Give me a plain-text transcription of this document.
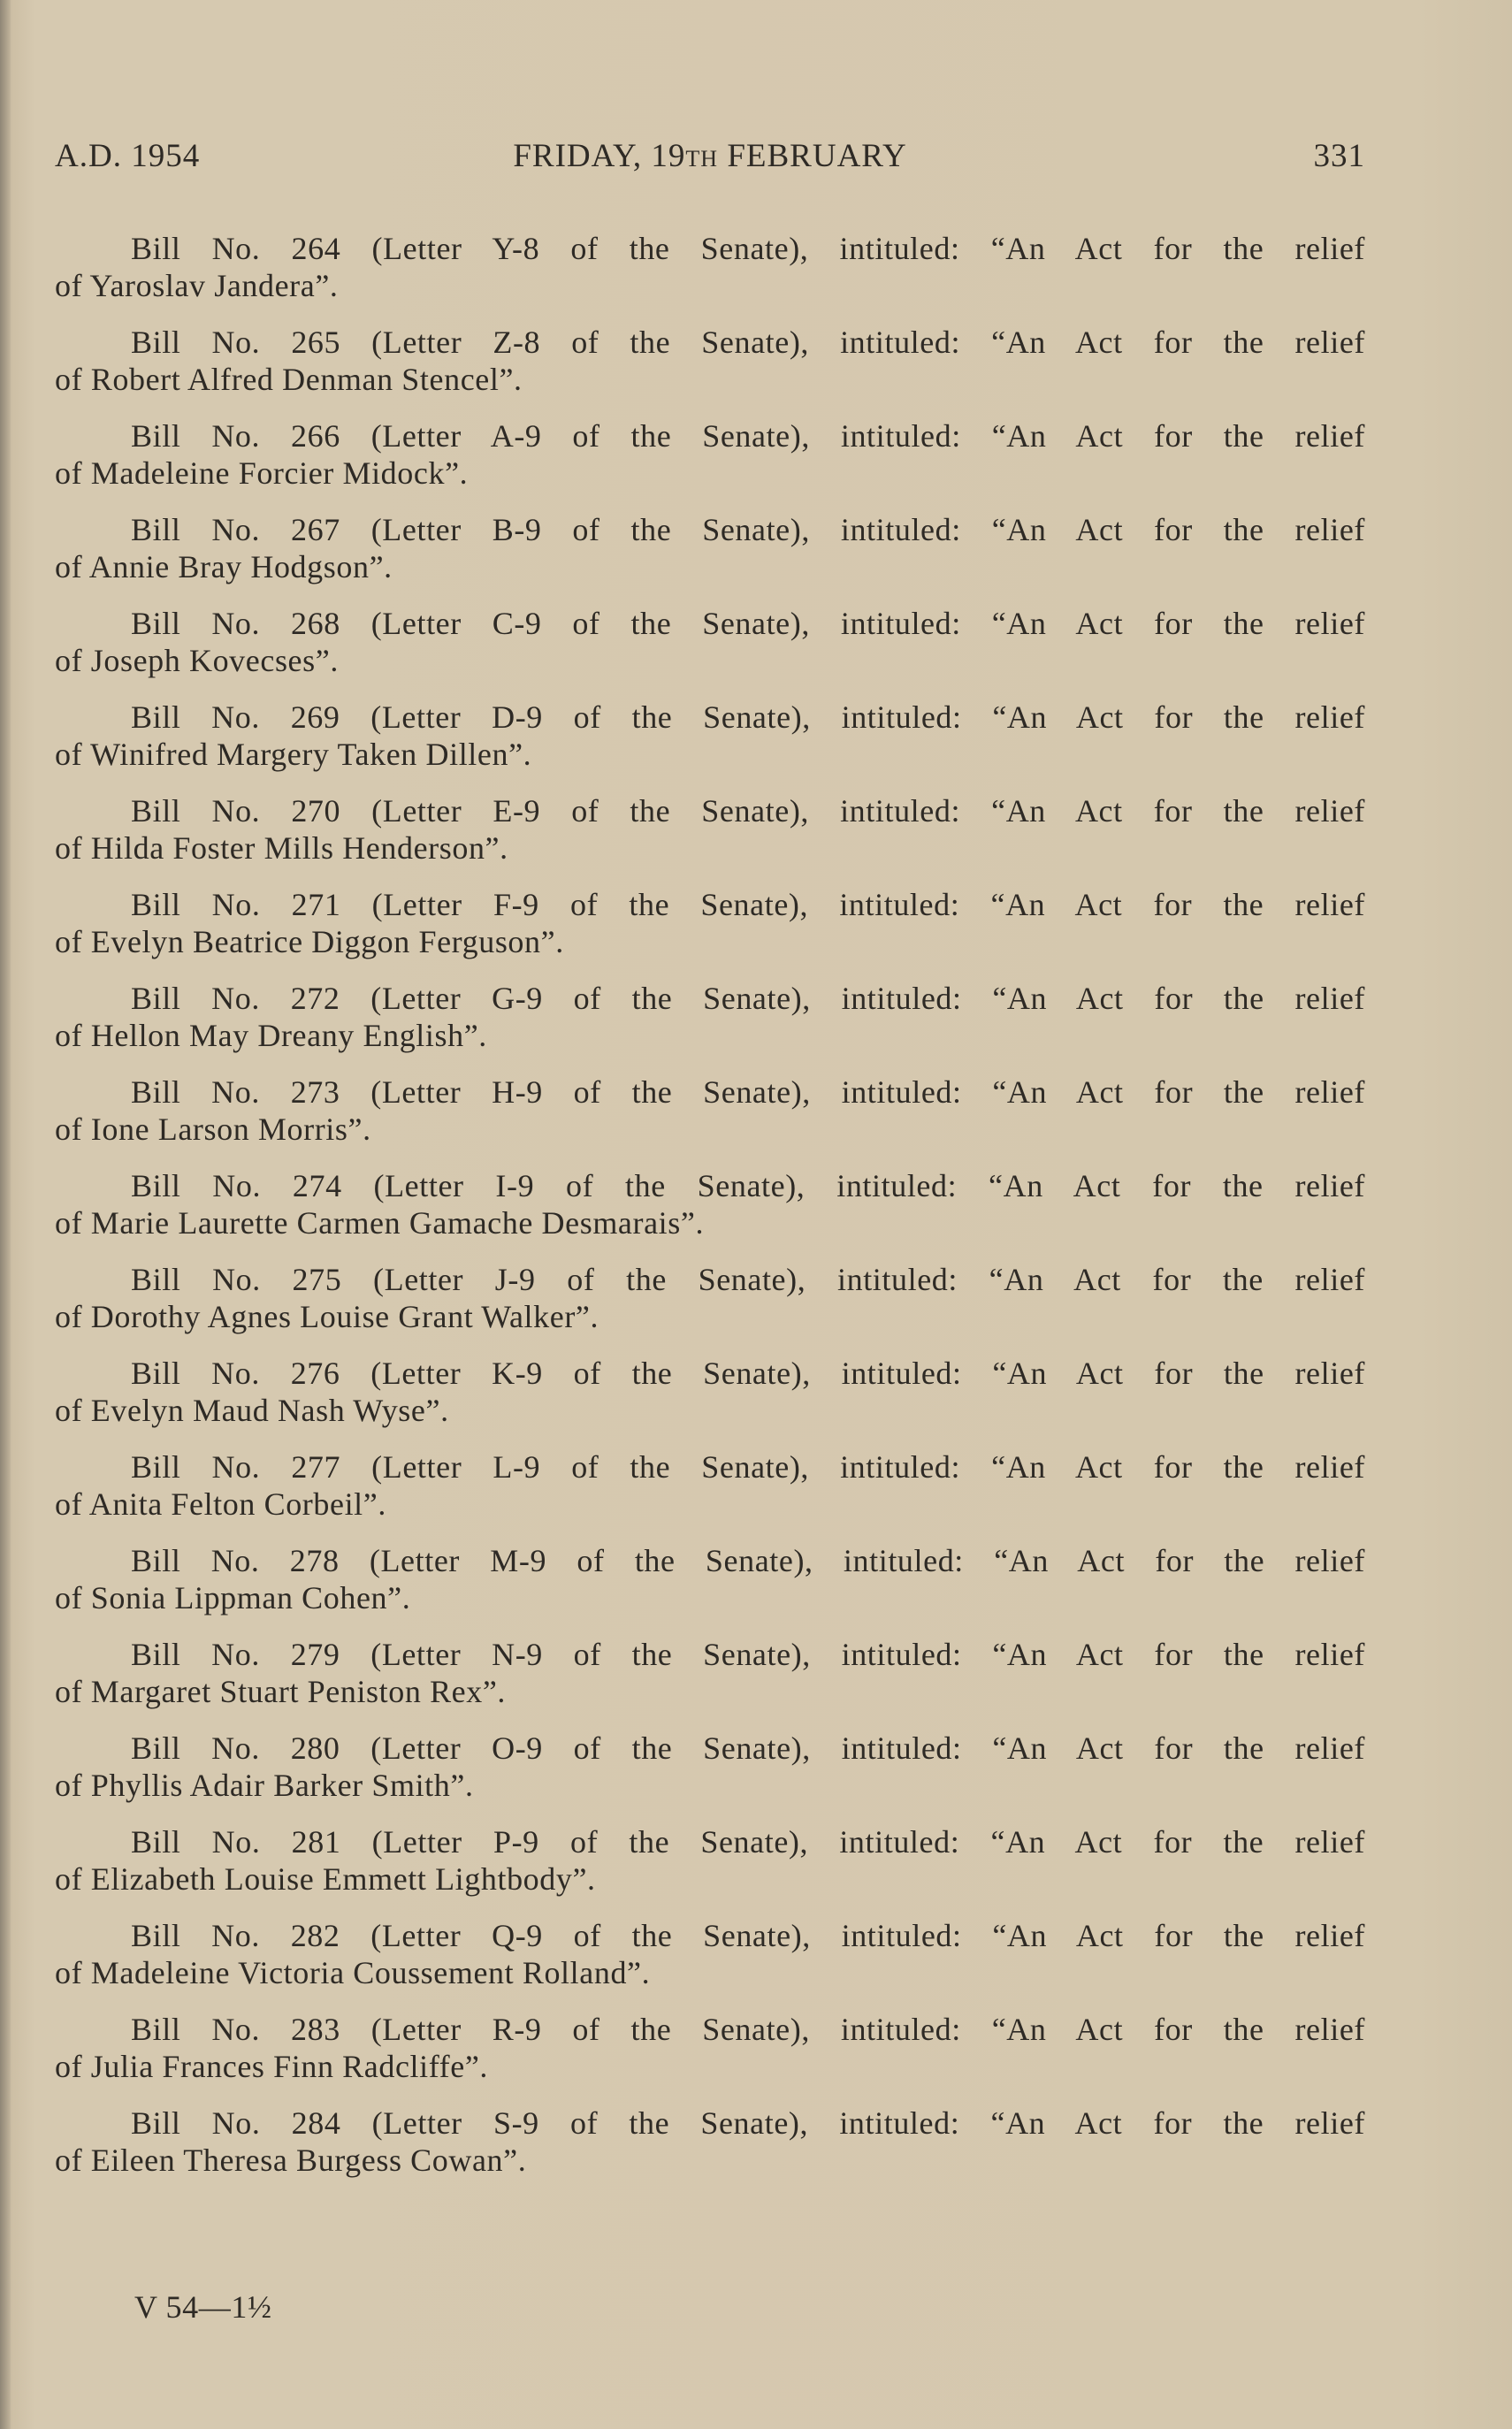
A.D. 1954	FRIDAY, 19th FEBRUARY	331
Bill No. 264 (Letter Y-8 of the Senate), intituled: “An Act for the relief
of Yaroslav Jandera”.
Bill No. 265 (Letter Z-8 of the Senate), intituled: “An Act for the relief
of Robert Alfred Denman Stencel”.
Bill No. 266 (Letter A-9 of the Senate), intituled: “An Act for the relief
of Madeleine Forcier Midock”.
Bill No. 267 (Letter B-9 of the Senate), intituled: “An Act for the relief
of Annie Bray Hodgson”.
Bill No. 268 (Letter C-9 of the Senate), intituled: “An Act for the relief
of Joseph Kovecses”.
Bill No. 269 (Letter D-9 of the Senate), intituled: “An Act for the relief
of Winifred Margery Taken Dillen”.
Bill No. 270 (Letter E-9 of the Senate), intituled: “An Act for the relief
of Hilda Foster Mills Henderson”.
Bill No. 271 (Letter F-9 of the Senate), intituled: “An Act for the relief
of Evelyn Beatrice Diggon Ferguson”.
Bill No. 272 (Letter G-9 of the Senate), intituled: “An Act for the relief
of Hellon May Dreany English”.
Bill No. 273 (Letter H-9 of the Senate), intituled: “An Act for the relief
of Ione Larson Morris”.
Bill No. 274 (Letter I-9 of the Senate), intituled: “An Act for the relief
of Marie Laurette Carmen Gamache Desmarais”.
Bill No. 275 (Letter J-9 of the Senate), intituled: “An Act for the relief
of Dorothy Agnes Louise Grant Walker”.
Bill No. 276 (Letter K-9 of the Senate), intituled: “An Act for the relief
of Evelyn Maud Nash Wyse”.
Bill No. 277 (Letter L-9 of the Senate), intituled: “An Act for the relief
of Anita Felton Corbeil”.
Bill No. 278 (Letter M-9 of the Senate), intituled: “An Act for the relief
of Sonia Lippman Cohen”.
Bill No. 279 (Letter N-9 of the Senate), intituled: “An Act for the relief
of Margaret Stuart Peniston Rex”.
Bill No. 280 (Letter O-9 of the Senate), intituled: “An Act for the relief
of Phyllis Adair Barker Smith”.
Bill No. 281 (Letter P-9 of the Senate), intituled: “An Act for the relief
of Elizabeth Louise Emmett Lightbody”.
Bill No. 282 (Letter Q-9 of the Senate), intituled: “An Act for the relief
of Madeleine Victoria Coussement Rolland”.
Bill No. 283 (Letter R-9 of the Senate), intituled: “An Act for the relief
of Julia Frances Finn Radcliffe”.
Bill No. 284 (Letter S-9 of the Senate), intituled: “An Act for the relief
of Eileen Theresa Burgess Cowan”.
V 54—1½
